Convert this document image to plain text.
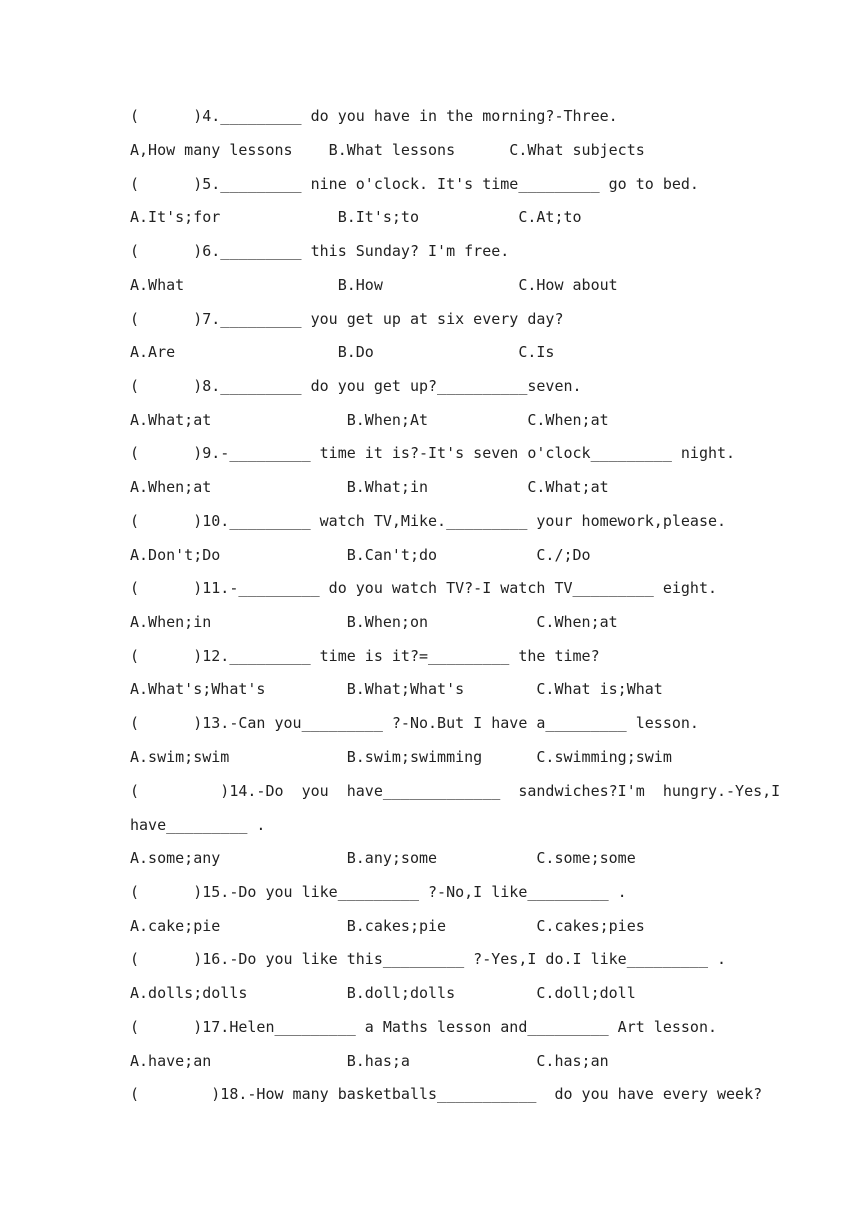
(      )4._________ do you have in the morning?-Three.
A,How many lessons    B.What lessons      C.What subjects
(      )5._________ nine o'clock. It's time_________ go to bed.
A.It's;for             B.It's;to           C.At;to
(      )6._________ this Sunday? I'm free.
A.What                 B.How               C.How about
(      )7._________ you get up at six every day?
A.Are                  B.Do                C.Is
(      )8._________ do you get up?__________seven.
A.What;at               B.When;At           C.When;at
(      )9.-_________ time it is?-It's seven o'clock_________ night.
A.When;at               B.What;in           C.What;at
(      )10._________ watch TV,Mike._________ your homework,please.
A.Don't;Do              B.Can't;do           C./;Do
(      )11.-_________ do you watch TV?-I watch TV_________ eight.
A.When;in               B.When;on            C.When;at
(      )12._________ time is it?=_________ the time?
A.What's;What's         B.What;What's        C.What is;What
(      )13.-Can you_________ ?-No.But I have a_________ lesson.
A.swim;swim             B.swim;swimming      C.swimming;swim
(         )14.-Do  you  have_____________  sandwiches?I'm  hungry.-Yes,I
have_________ .
A.some;any              B.any;some           C.some;some
(      )15.-Do you like_________ ?-No,I like_________ .
A.cake;pie              B.cakes;pie          C.cakes;pies
(      )16.-Do you like this_________ ?-Yes,I do.I like_________ .
A.dolls;dolls           B.doll;dolls         C.doll;doll
(      )17.Helen_________ a Maths lesson and_________ Art lesson.
A.have;an               B.has;a              C.has;an
(        )18.-How many basketballs___________  do you have every week?
